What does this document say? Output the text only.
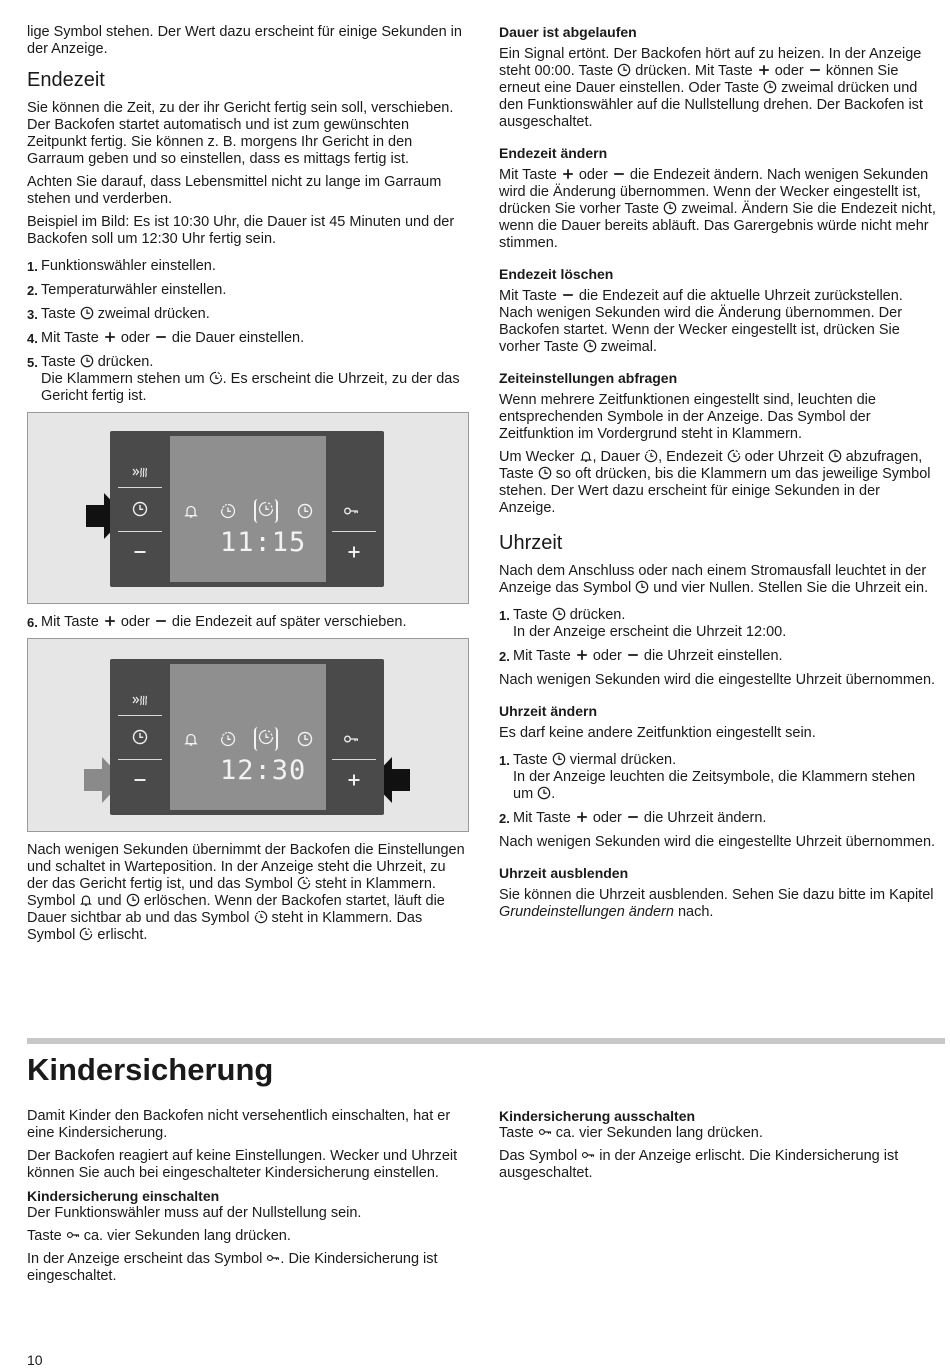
lige Symbol stehen. Der Wert dazu erscheint für einige Sekunden in der Anzeige.

Endezeit

Sie können die Zeit, zu der ihr Gericht fertig sein soll, verschieben. Der Backofen startet automatisch und ist zum gewünschten Zeitpunkt fertig. Sie können z. B. morgens Ihr Gericht in den Garraum geben und so einstellen, dass es mittags fertig ist.

Achten Sie darauf, dass Lebensmittel nicht zu lange im Garraum stehen und verderben.

Beispiel im Bild: Es ist 10:30 Uhr, die Dauer ist 45 Minuten und der Backofen soll um 12:30 Uhr fertig sein.

1. Funktionswähler einstellen.
2. Temperaturwähler einstellen.
3. Taste zweimal drücken.
4. Mit Taste oder die Dauer einstellen.
5. Taste drücken.
Die Klammern stehen um . Es erscheint die Uhrzeit, zu der das Gericht fertig ist.
11:15
6. Mit Taste oder die Endezeit auf später verschieben.
12:30

Nach wenigen Sekunden übernimmt der Backofen die Einstellungen und schaltet in Warteposition. In der Anzeige steht die Uhrzeit, zu der das Gericht fertig ist, und das Symbol steht in Klammern. Symbol und erlöschen. Wenn der Backofen startet, läuft die Dauer sichtbar ab und das Symbol steht in Klammern. Das Symbol erlischt.

Dauer ist abgelaufen

Ein Signal ertönt. Der Backofen hört auf zu heizen. In der Anzeige steht 00:00. Taste drücken. Mit Taste oder können Sie erneut eine Dauer einstellen. Oder Taste zweimal drücken und den Funktionswähler auf die Nullstellung drehen. Der Backofen ist ausgeschaltet.

Endezeit ändern

Mit Taste oder die Endezeit ändern. Nach wenigen Sekunden wird die Änderung übernommen. Wenn der Wecker eingestellt ist, drücken Sie vorher Taste zweimal. Ändern Sie die Endezeit nicht, wenn die Dauer bereits abläuft. Das Garergebnis würde nicht mehr stimmen.

Endezeit löschen

Mit Taste die Endezeit auf die aktuelle Uhrzeit zurückstellen. Nach wenigen Sekunden wird die Änderung übernommen. Der Backofen startet. Wenn der Wecker eingestellt ist, drücken Sie vorher Taste zweimal.

Zeiteinstellungen abfragen

Wenn mehrere Zeitfunktionen eingestellt sind, leuchten die entsprechenden Symbole in der Anzeige. Das Symbol der Zeitfunktion im Vordergrund steht in Klammern.

Um Wecker , Dauer , Endezeit oder Uhrzeit abzufragen, Taste so oft drücken, bis die Klammern um das jeweilige Symbol stehen. Der Wert dazu erscheint für einige Sekunden in der Anzeige.

Uhrzeit

Nach dem Anschluss oder nach einem Stromausfall leuchtet in der Anzeige das Symbol und vier Nullen. Stellen Sie die Uhrzeit ein.

1. Taste drücken.
In der Anzeige erscheint die Uhrzeit 12:00.
2. Mit Taste oder die Uhrzeit einstellen.

Nach wenigen Sekunden wird die eingestellte Uhrzeit übernommen.

Uhrzeit ändern

Es darf keine andere Zeitfunktion eingestellt sein.

1. Taste viermal drücken.
In der Anzeige leuchten die Zeitsymbole, die Klammern stehen um .
2. Mit Taste oder die Uhrzeit ändern.

Nach wenigen Sekunden wird die eingestellte Uhrzeit übernommen.

Uhrzeit ausblenden

Sie können die Uhrzeit ausblenden. Sehen Sie dazu bitte im Kapitel Grundeinstellungen ändern nach.

Kindersicherung

Damit Kinder den Backofen nicht versehentlich einschalten, hat er eine Kindersicherung.

Der Backofen reagiert auf keine Einstellungen. Wecker und Uhrzeit können Sie auch bei eingeschalteter Kindersicherung einstellen.

Kindersicherung einschalten

Der Funktionswähler muss auf der Nullstellung sein.

Taste ca. vier Sekunden lang drücken.

In der Anzeige erscheint das Symbol . Die Kindersicherung ist eingeschaltet.

Kindersicherung ausschalten

Taste ca. vier Sekunden lang drücken.

Das Symbol in der Anzeige erlischt. Die Kindersicherung ist ausgeschaltet.

10
